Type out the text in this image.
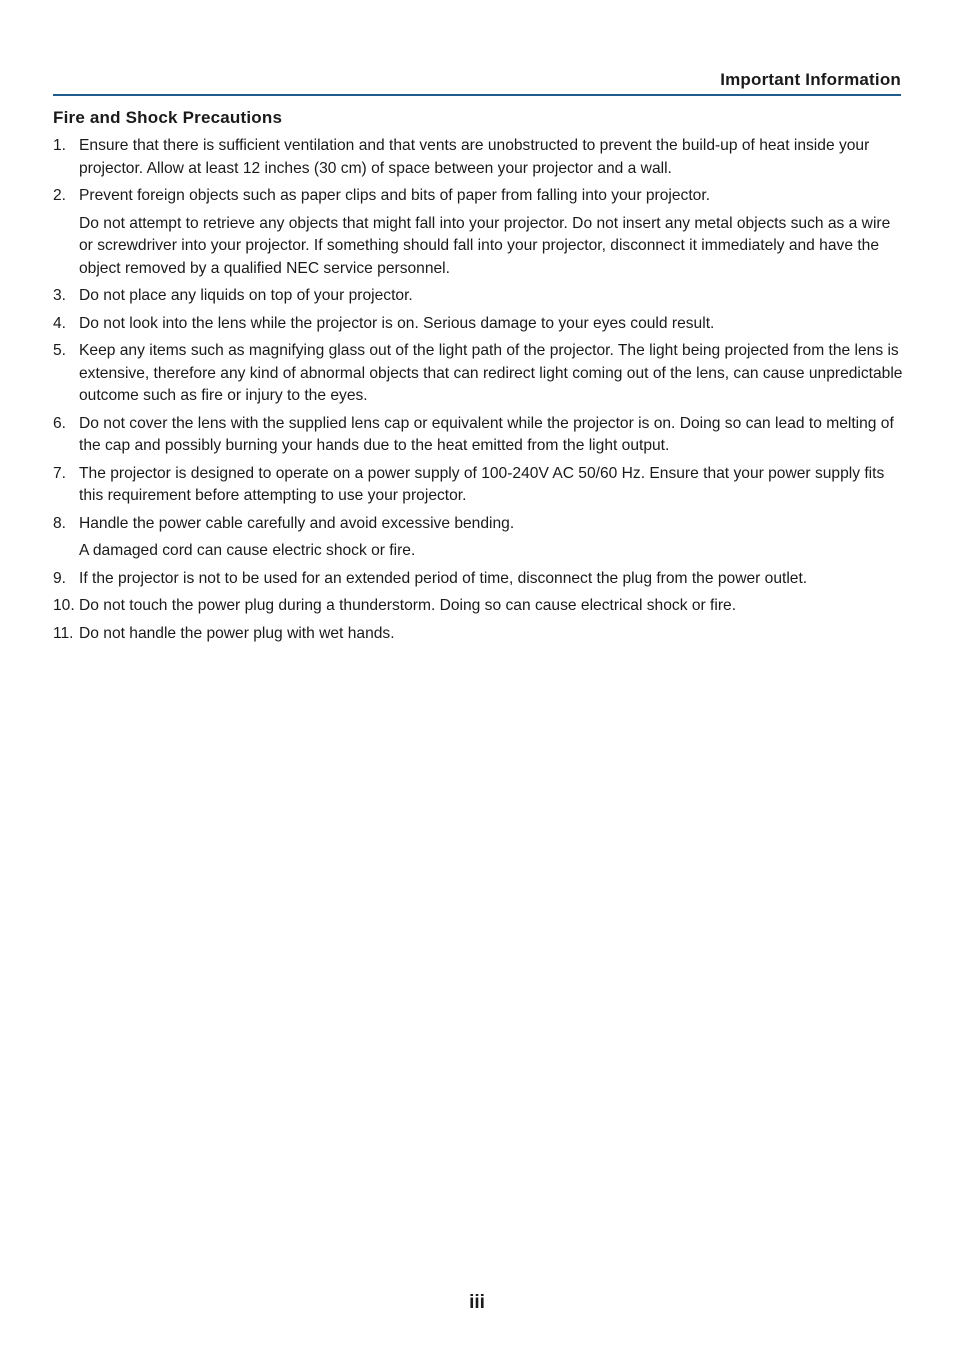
Important Information
Fire and Shock Precautions
1. Ensure that there is sufficient ventilation and that vents are unobstructed to prevent the build-up of heat inside your projector. Allow at least 12 inches (30 cm) of space between your projector and a wall.
2. Prevent foreign objects such as paper clips and bits of paper from falling into your projector.
Do not attempt to retrieve any objects that might fall into your projector. Do not insert any metal objects such as a wire or screwdriver into your projector. If something should fall into your projector, disconnect it immediately and have the object removed by a qualified NEC service personnel.
3. Do not place any liquids on top of your projector.
4. Do not look into the lens while the projector is on. Serious damage to your eyes could result.
5. Keep any items such as magnifying glass out of the light path of the projector. The light being projected from the lens is extensive, therefore any kind of abnormal objects that can redirect light coming out of the lens, can cause unpredictable outcome such as fire or injury to the eyes.
6. Do not cover the lens with the supplied lens cap or equivalent while the projector is on. Doing so can lead to melting of the cap and possibly burning your hands due to the heat emitted from the light output.
7. The projector is designed to operate on a power supply of 100-240V AC 50/60 Hz. Ensure that your power supply fits this requirement before attempting to use your projector.
8. Handle the power cable carefully and avoid excessive bending.
A damaged cord can cause electric shock or fire.
9. If the projector is not to be used for an extended period of time, disconnect the plug from the power outlet.
10. Do not touch the power plug during a thunderstorm. Doing so can cause electrical shock or fire.
11. Do not handle the power plug with wet hands.
iii
